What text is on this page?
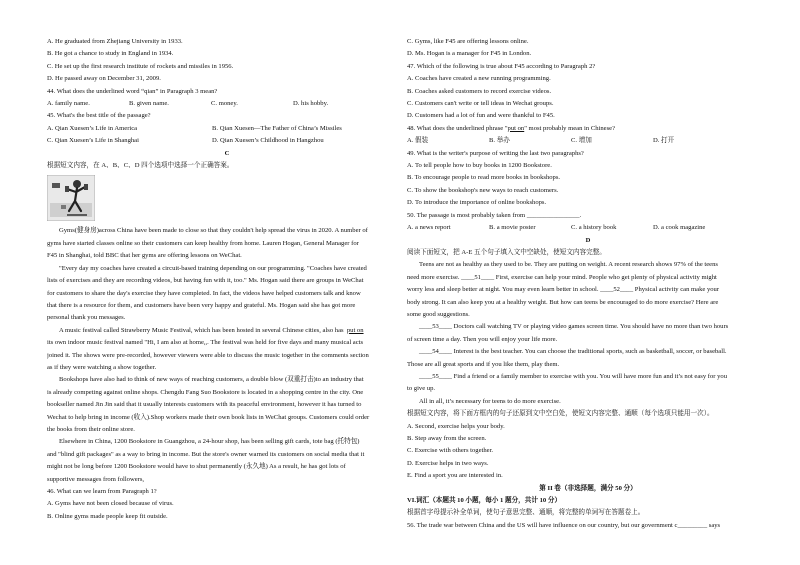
A. He graduated from Zhejiang University in 1933.
B. He got a chance to study in England in 1934.
C. He set up the first research institute of rockets and missiles in 1956.
D. He passed away on December 31, 2009.
44. What does the underlined word “qian” in Paragraph 3 mean?
A. family name.	B. given name.	C. money.	D. his hobby.
45. What's the best title of the passage?
A. Qian Xuesen’s Life in America	B. Qian Xuesen—The Father of China’s Missiles
C. Qian Xuesen’s Life in Shanghai	D. Qian Xuesen’s Childhood in Hangzhou
C
根据短文内容，在 A、B、C、D 四个选项中选择一个正确答案。
Gyms(健身房)across China have been made to close so that they couldn't help spread the virus in 2020. A number of
gyms have started classes online so their customers can keep healthy from home. Lauren Hogan, General Manager for
F45 in Shanghai, told BBC that her gyms are offering lessons on WeChat.
"Every day my coaches have created a circuit-based training depending on our programming. "Coaches have created
lists of exercises and they are recording videos, but having fun with it, too." Ms. Hogan said there are groups in WeChat
for customers to share the day's exercise they have completed. In fact, the videos have helped customers talk and know
that there is a resource for them, and customers have been very happy and grateful. Ms. Hogan said she has got more
personal thank you messages.
A music festival called Strawberry Music Festival, which has been hosted in several Chinese cities, also has put on
its own indoor music festival named "Hi, I am also at home,,. The festival was held for five days and many musical acts
joined it. The shows were pre-recorded, however viewers were able to discuss the music together in the comments section
as if they were watching a show together.
Bookshops have also had to think of new ways of reaching customers, a double blow (双重打击)to an industry that
is already competing against online shops. Chengdu Fang Suo Bookstore is located in a shopping centre in the city. One
bookseller named Jin Jin said that it usually interests customers with its peaceful environment, however it has turned to
Wechat to help bring in income (收入).Shop workers made their own book lists in WeChat groups. Customers could order
the books from their online store.
Elsewhere in China, 1200 Bookstore in Guangzhou, a 24-hour shop, has been selling gift cards, tote bag (托特包)
and "blind gift packages" as a way to bring in income. But the store's owner warned its customers on social media that it
might not be long before 1200 Bookstore would have to shut permanently (永久地) As a result, he has got lots of
supportive messages from followers,
46. What can we learn from Paragraph 1?
A. Gyms have not been closed because of virus.
B. Online gyms made people keep fit outside.
C. Gyms, like F45 are offering lessons online.
D. Ms. Hogan is a manager for F45 in London.
47. Which of the following is true about F45 according to Paragraph 2?
A. Coaches have created a new running programming.
B. Coaches asked customers to record exercise videos.
C. Customers can't write or tell ideas in Wechat groups.
D. Customers had a lot of fun and were thankful to F45.
48. What does the underlined phrase "put on" most probably mean in Chinese?
A. 假装	B. 举办	C. 增加	D. 打开
49. What is the writer's purpose of writing the last two paragraphs?
A. To tell people how to buy books in 1200 Bookstore.
B. To encourage people to read more books in bookshops.
C. To show the bookshop's new ways to reach customers.
D. To introduce the importance of online bookshops.
50. The passage is most probably taken from ________________.
A. a news report	B. a movie poster	C. a history book	D. a cook magazine
D
阅读下面短文，把 A-E 五个句子填入文中空缺处，使短文内容完整。
Teens are not as healthy as they used to be. They are putting on weight. A recent research shows 97% of the teens
need more exercise. ____51____ First, exercise can help your mind. People who get plenty of physical activity might
worry less and sleep better at night. You may even learn better in school. ____52____ Physical activity can make your
body strong. It can also keep you at a healthy weight. But how can teens be encouraged to do more exercise? Here are
some good suggestions.
____53____ Doctors call watching TV or playing video games screen time. You should have no more than two hours
of screen time a day. Then you will enjoy your life more.
____54____ Interest is the best teacher. You can choose the traditional sports, such as basketball, soccer, or baseball.
Those are all great sports and if you like them, play them.
____55____ Find a friend or a family member to exercise with you. You will have more fun and it’s not easy for you
to give up.
All in all, it’s necessary for teens to do more exercise.
根据短文内容，将下面方框内的句子还原到文中空白处，使短文内容完整、通顺（每个选项只能用一次）。
A. Second, exercise helps your body.
B. Step away from the screen.
C. Exercise with others together.
D. Exercise helps in two ways.
E. Find a sport you are interested in.
第 II 卷（非选择题，满分 50 分）
VI.词汇（本题共 10 小题，每小 1 题分，共计 10 分）
根据首字母提示补全单词，使句子意思完整、通顺，将完整的单词写在答题卷上。
56. The trade war between China and the US will have influence on our country, but our government c_________ says
